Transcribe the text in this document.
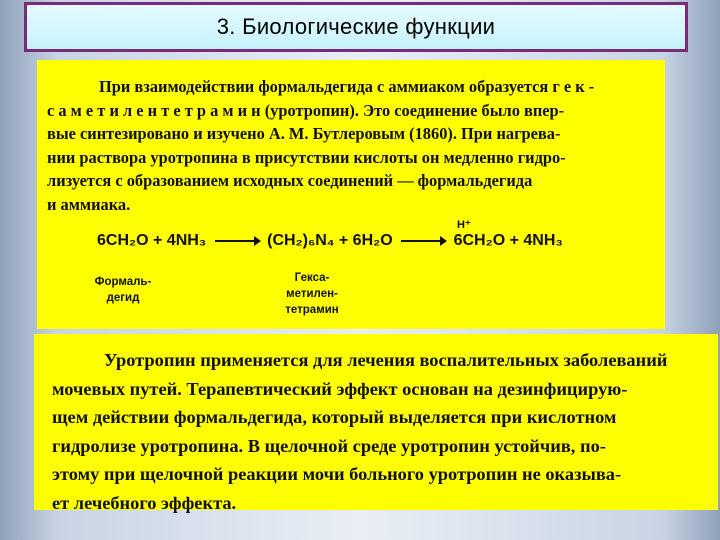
3. Биологические функции
При взаимодействии формальдегида с аммиаком образуется г е к -
с а м е т и л е н т е т р а м и н (уротропин). Это соединение было впер-
вые синтезировано и изучено А. М. Бутлеровым (1860). При нагрева-
нии раствора уротропина в присутствии кислоты он медленно гидро-
лизуется с образованием исходных соединений — формальдегида
и аммиака.
H⁺
6CH₂O + 4NH₃ → (CH₂)₆N₄ + 6H₂O → 6CH₂O + 4NH₃
Формаль-
дегид
Гекса-
метилен-
тетрамин
Уротропин применяется для лечения воспалительных заболеваний
мочевых путей. Терапевтический эффект основан на дезинфицирую-
щем действии формальдегида, который выделяется при кислотном
гидролизе уротропина. В щелочной среде уротропин устойчив, по-
этому при щелочной реакции мочи больного уротропин не оказыва-
ет лечебного эффекта.
